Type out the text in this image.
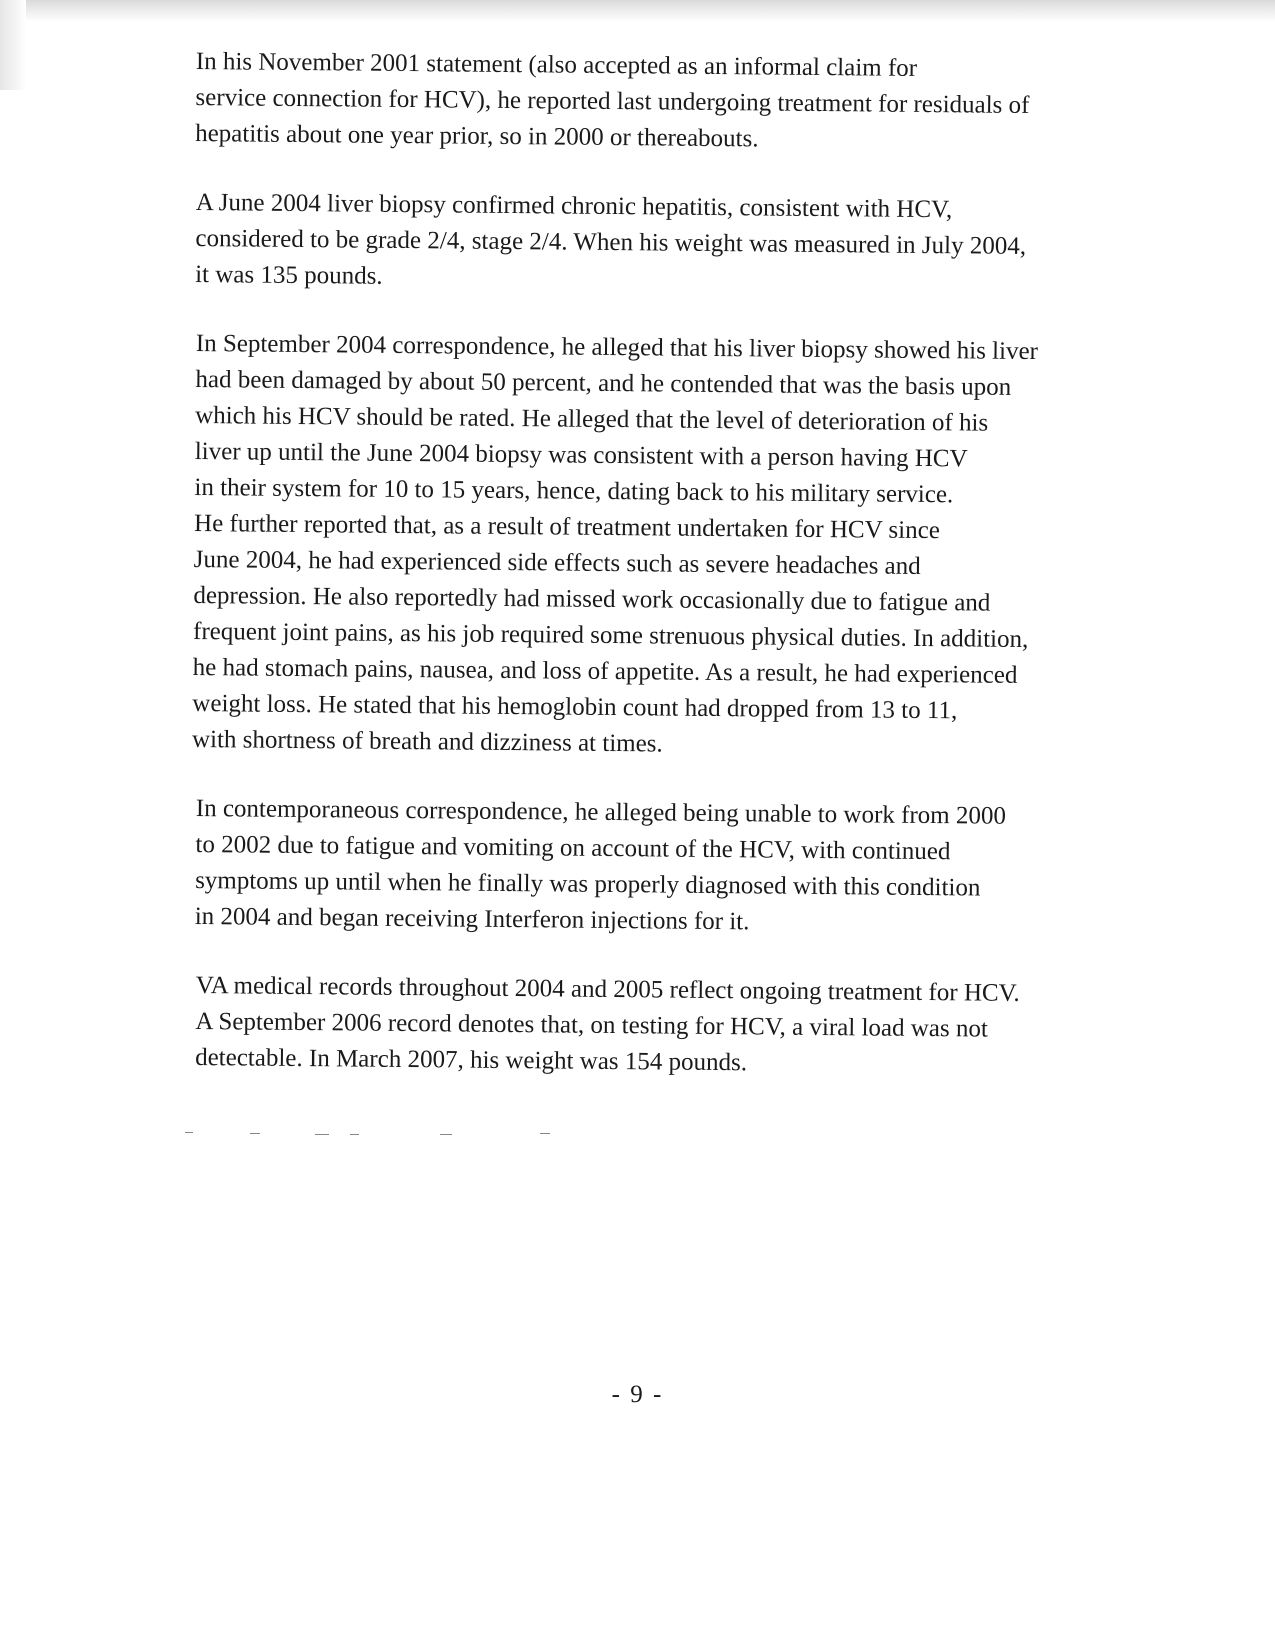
In his November 2001 statement (also accepted as an informal claim for
service connection for HCV), he reported last undergoing treatment for residuals of
hepatitis about one year prior, so in 2000 or thereabouts.

A June 2004 liver biopsy confirmed chronic hepatitis, consistent with HCV,
considered to be grade 2/4, stage 2/4. When his weight was measured in July 2004,
it was 135 pounds.

In September 2004 correspondence, he alleged that his liver biopsy showed his liver
had been damaged by about 50 percent, and he contended that was the basis upon
which his HCV should be rated. He alleged that the level of deterioration of his
liver up until the June 2004 biopsy was consistent with a person having HCV
in their system for 10 to 15 years, hence, dating back to his military service.
He further reported that, as a result of treatment undertaken for HCV since
June 2004, he had experienced side effects such as severe headaches and
depression. He also reportedly had missed work occasionally due to fatigue and
frequent joint pains, as his job required some strenuous physical duties. In addition,
he had stomach pains, nausea, and loss of appetite. As a result, he had experienced
weight loss. He stated that his hemoglobin count had dropped from 13 to 11,
with shortness of breath and dizziness at times.

In contemporaneous correspondence, he alleged being unable to work from 2000
to 2002 due to fatigue and vomiting on account of the HCV, with continued
symptoms up until when he finally was properly diagnosed with this condition
in 2004 and began receiving Interferon injections for it.

VA medical records throughout 2004 and 2005 reflect ongoing treatment for HCV.
A September 2006 record denotes that, on testing for HCV, a viral load was not
detectable. In March 2007, his weight was 154 pounds.

- 9 -
